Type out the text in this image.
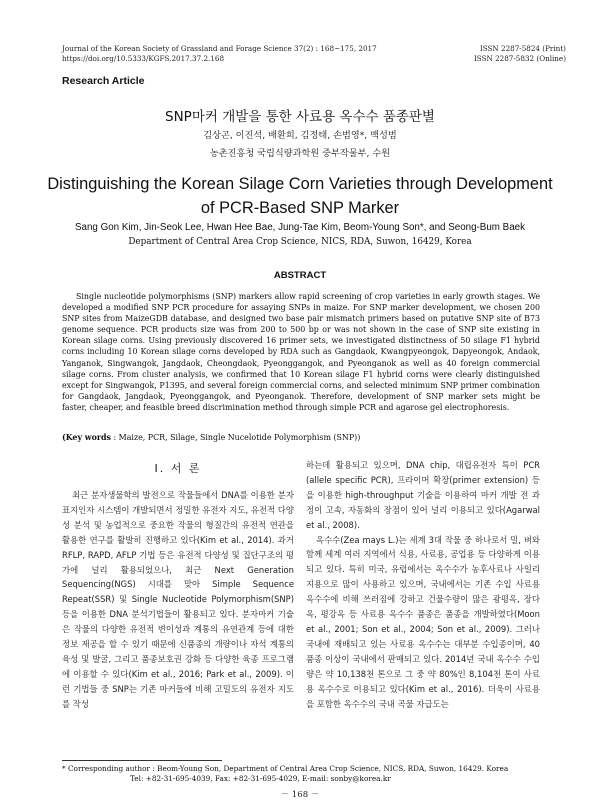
Journal of the Korean Society of Grassland and Forage Science 37(2) : 168~175, 2017	ISSN 2287-5824 (Print)
https://doi.org/10.5333/KGFS.2017.37.2.168	ISSN 2287-5832 (Online)
Research Article
SNP마커 개발을 통한 사료용 옥수수 품종판별
김상곤, 이진석, 배환희, 김정태, 손범영*, 백성범
농촌진흥청 국립식량과학원 중부작물부, 수원
Distinguishing the Korean Silage Corn Varieties through Development of PCR-Based SNP Marker
Sang Gon Kim, Jin-Seok Lee, Hwan Hee Bae, Jung-Tae Kim, Beom-Young Son*, and Seong-Bum Baek
Department of Central Area Crop Science, NICS, RDA, Suwon, 16429, Korea
ABSTRACT
Single nucleotide polymorphisms (SNP) markers allow rapid screening of crop varieties in early growth stages. We developed a modified SNP PCR procedure for assaying SNPs in maize. For SNP marker development, we chosen 200 SNP sites from MaizeGDB database, and designed two base pair mismatch primers based on putative SNP site of B73 genome sequence. PCR products size was from 200 to 500 bp or was not shown in the case of SNP site existing in Korean silage corns. Using previously discovered 16 primer sets, we investigated distinctness of 50 silage F1 hybrid corns including 10 Korean silage corns developed by RDA such as Gangdaok, Kwangpyeongok, Dapyeongok, Andaok, Yanganok, Singwangok, Jangdaok, Cheongdaok, Pyeonggangok, and Pyeonganok as well as 40 foreign commercial silage corns. From cluster analysis, we confirmed that 10 Korean silage F1 hybrid corns were clearly distinguished except for Singwangok, P1395, and several foreign commercial corns, and selected minimum SNP primer combination for Gangdaok, Jangdaok, Pyeonggangok, and Pyeonganok. Therefore, development of SNP marker sets might be faster, cheaper, and feasible breed discrimination method through simple PCR and agarose gel electrophoresis.
(Key words : Maize, PCR, Silage, Single Nucelotide Polymorphism (SNP))
Ⅰ. 서 론

최근 분자생물학의 발전으로 작물들에서 DNA를 이용한 분자표지인자 시스템이 개발되면서 정밀한 유전자 지도, 유전적 다양성 분석 및 농업적으로 중요한 작물의 형질간의 유전적 연관을 활용한 연구를 활발히 진행하고 있다(Kim et al., 2014). 과거 RFLP, RAPD, AFLP 기법 등은 유전적 다양성 및 집단구조의 평가에 널리 활용되었으나, 최근 Next Generation Sequencing(NGS) 시대를 맞아 Simple Sequence Repeat(SSR) 및 Single Nucleotide Polymorphism(SNP) 등을 이용한 DNA 분석기법들이 활용되고 있다. 분자마커 기술은 작물의 다양한 유전적 변이성과 계통의 유연관계 등에 대한 정보 제공을 할 수 있기 때문에 신품종의 개량이나 자석 계통의 육성 및 발굴, 그리고 품종보호권 강화 등 다양한 육종 프로그램에 이용할 수 있다(Kim et al., 2016; Park et al., 2009). 이런 기법들 중 SNP는 기존 마커들에 비해 고밀도의 유전자 지도를 작성

하는데 활용되고 있으며, DNA chip, 대립유전자 특이 PCR (allele specific PCR), 프라이머 확장(primer extension) 등을 이용한 high-throughput 기술을 이용하여 마커 개발 전 과정이 고속, 자동화의 장점이 있어 널리 이용되고 있다(Agarwal et al., 2008).

옥수수(Zea mays L.)는 세계 3대 작물 중 하나로서 밀, 벼와 함께 세계 여러 지역에서 식용, 사료용, 공업용 등 다양하게 이용되고 있다. 특히 미국, 유럽에서는 옥수수가 농후사료나 사일리지용으로 많이 사용하고 있으며, 국내에서는 기존 수입 사료용 옥수수에 비해 쓰러짐에 강하고 건물수량이 많은 광평옥, 장다옥, 평강옥 등 사료용 옥수수 품종은 품종을 개발하였다(Moon et al., 2001; Son et al., 2004; Son et al., 2009). 그러나 국내에 재배되고 있는 사료용 옥수수는 대부분 수입종이며, 40품종 이상이 국내에서 판매되고 있다. 2014년 국내 옥수수 수입량은 약 10,138천 톤으로 그 중 약 80%인 8,104천 톤이 사료용 옥수수로 이용되고 있다(Kim et al., 2016). 더욱이 사료용을 포함한 옥수수의 국내 곡물 자급도는

* Corresponding author : Beom-Young Son, Department of Central Area Crop Science, NICS, RDA, Suwon, 16429. Korea
Tel: +82-31-695-4039, Fax: +82-31-695-4029, E-mail: sonby@korea.kr
－ 168 －
